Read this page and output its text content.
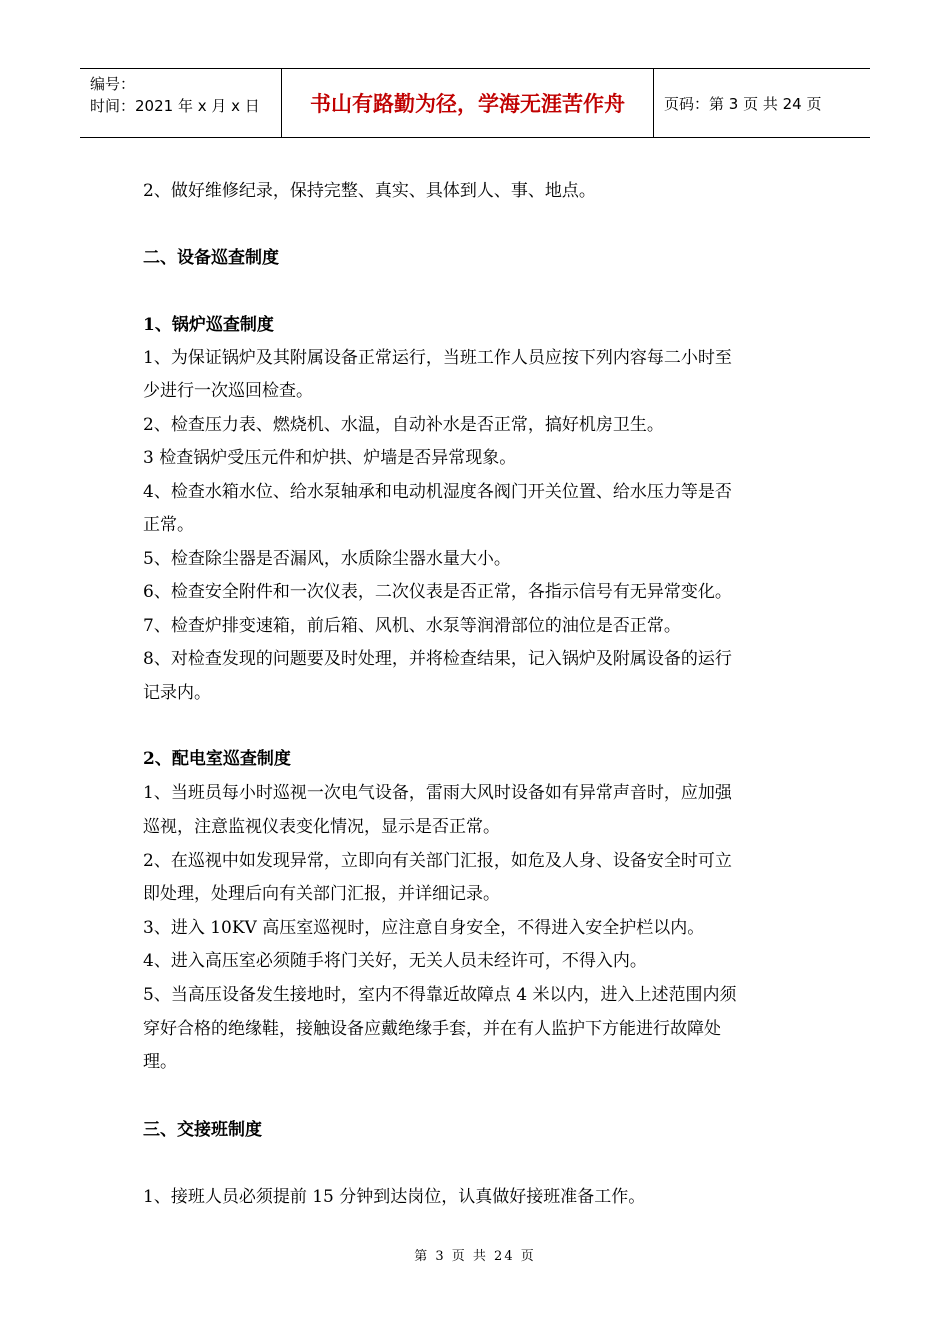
编号：
时间：2021 年 x 月 x 日	书山有路勤为径，学海无涯苦作舟	页码：第 3 页 共 24 页
2、做好维修纪录，保持完整、真实、具体到人、事、地点。
二、设备巡查制度
1、锅炉巡查制度
1、为保证锅炉及其附属设备正常运行，当班工作人员应按下列内容每二小时至
少进行一次巡回检查。
2、检查压力表、燃烧机、水温，自动补水是否正常，搞好机房卫生。
3 检查锅炉受压元件和炉拱、炉墙是否异常现象。
4、检查水箱水位、给水泵轴承和电动机湿度各阀门开关位置、给水压力等是否
正常。
5、检查除尘器是否漏风，水质除尘器水量大小。
6、检查安全附件和一次仪表，二次仪表是否正常，各指示信号有无异常变化。
7、检查炉排变速箱，前后箱、风机、水泵等润滑部位的油位是否正常。
8、对检查发现的问题要及时处理，并将检查结果，记入锅炉及附属设备的运行
记录内。
2、配电室巡查制度
1、当班员每小时巡视一次电气设备，雷雨大风时设备如有异常声音时，应加强
巡视，注意监视仪表变化情况，显示是否正常。
2、在巡视中如发现异常，立即向有关部门汇报，如危及人身、设备安全时可立
即处理，处理后向有关部门汇报，并详细记录。
3、进入 10KV 高压室巡视时，应注意自身安全，不得进入安全护栏以内。
4、进入高压室必须随手将门关好，无关人员未经许可，不得入内。
5、当高压设备发生接地时，室内不得靠近故障点 4 米以内，进入上述范围内须
穿好合格的绝缘鞋，接触设备应戴绝缘手套，并在有人监护下方能进行故障处
理。
三、交接班制度
1、接班人员必须提前 15 分钟到达岗位，认真做好接班准备工作。
第 3 页 共 24 页
